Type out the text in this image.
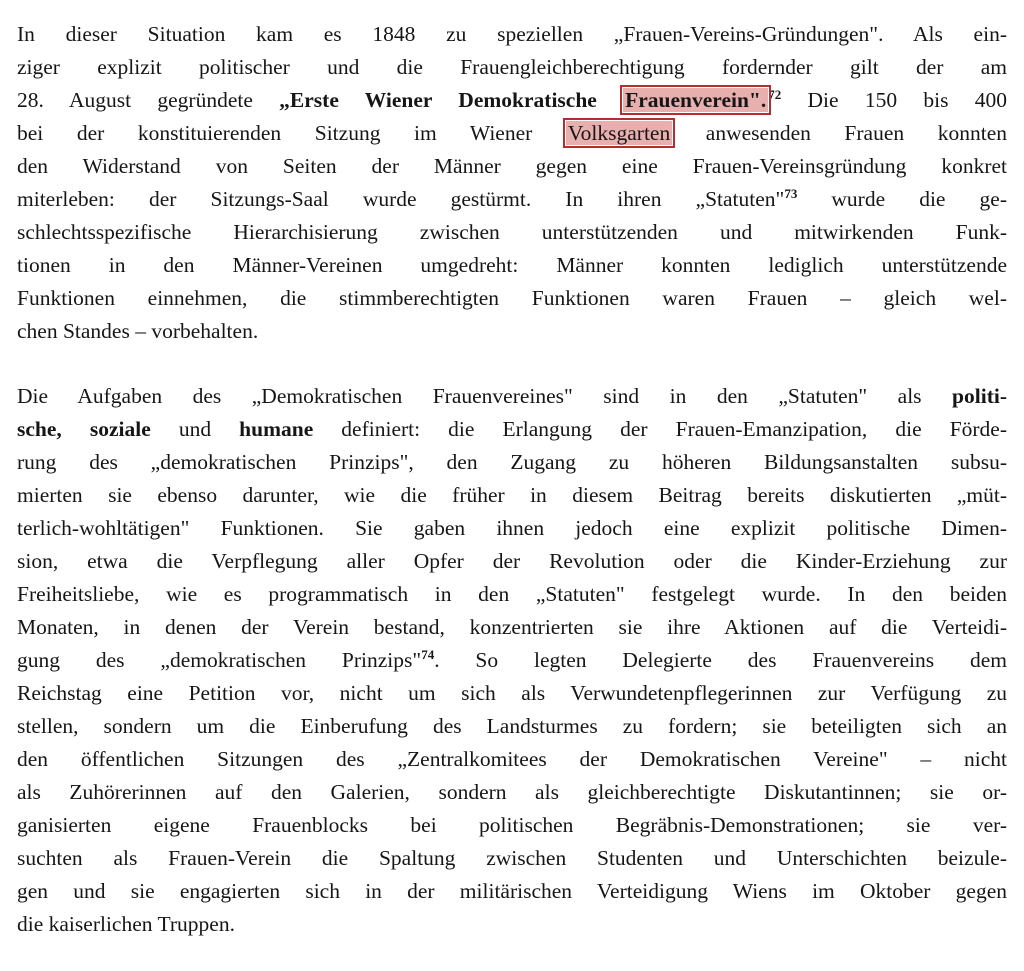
In dieser Situation kam es 1848 zu speziellen „Frauen-Vereins-Gründungen". Als ein-
ziger explizit politischer und die Frauengleichberechtigung fordernder gilt der am
28. August gegründete „Erste Wiener Demokratische Frauenverein". $^{72}$ Die 150 bis 400
bei der konstituierenden Sitzung im Wiener Volksgarten anwesenden Frauen konnten
den Widerstand von Seiten der Männer gegen eine Frauen-Vereinsgründung konkret
miterleben: der Sitzungs-Saal wurde gestürmt. In ihren „Statuten"$^{73}$ wurde die ge-
schlechtsspezifische Hierarchisierung zwischen unterstützenden und mitwirkenden Funk-
tionen in den Männer-Vereinen umgedreht: Männer konnten lediglich unterstützende
Funktionen einnehmen, die stimmberechtigten Funktionen waren Frauen – gleich wel-
chen Standes – vorbehalten.
Die Aufgaben des „Demokratischen Frauenvereines" sind in den „Statuten" als politi-
sche, soziale und humane definiert: die Erlangung der Frauen-Emanzipation, die Förde-
rung des „demokratischen Prinzips", den Zugang zu höheren Bildungsanstalten subsu-
mierten sie ebenso darunter, wie die früher in diesem Beitrag bereits diskutierten „müt-
terlich-wohltätigen" Funktionen. Sie gaben ihnen jedoch eine explizit politische Dimen-
sion, etwa die Verpflegung aller Opfer der Revolution oder die Kinder-Erziehung zur
Freiheitsliebe, wie es programmatisch in den „Statuten" festgelegt wurde. In den beiden
Monaten, in denen der Verein bestand, konzentrierten sie ihre Aktionen auf die Verteidi-
gung des „demokratischen Prinzips"$^{74}$. So legten Delegierte des Frauenvereins dem
Reichstag eine Petition vor, nicht um sich als Verwundetenpflegerinnen zur Verfügung zu
stellen, sondern um die Einberufung des Landsturmes zu fordern; sie beteiligten sich an
den öffentlichen Sitzungen des „Zentralkomitees der Demokratischen Vereine" – nicht
als Zuhörerinnen auf den Galerien, sondern als gleichberechtigte Diskutantinnen; sie or-
ganisierten eigene Frauenblocks bei politischen Begräbnis-Demonstrationen; sie ver-
suchten als Frauen-Verein die Spaltung zwischen Studenten und Unterschichten beizule-
gen und sie engagierten sich in der militärischen Verteidigung Wiens im Oktober gegen
die kaiserlichen Truppen.
